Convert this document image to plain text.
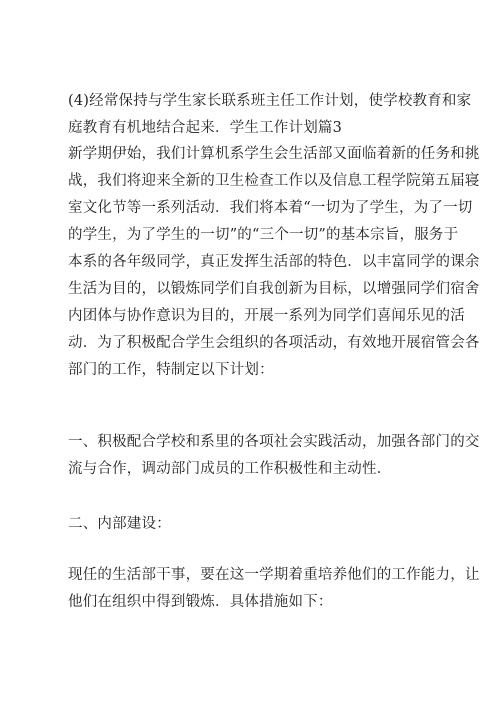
(4)经常保持与学生家长联系班主任工作计划，使学校教育和家
庭教育有机地结合起来．学生工作计划篇3

新学期伊始，我们计算机系学生会生活部又面临着新的任务和挑
战，我们将迎来全新的卫生检查工作以及信息工程学院第五届寝
室文化节等一系列活动．我们将本着“一切为了学生，为了一切
的学生，为了学生的一切”的“三个一切”的基本宗旨，服务于
本系的各年级同学，真正发挥生活部的特色．以丰富同学的课余
生活为目的，以锻炼同学们自我创新为目标，以增强同学们宿舍
内团体与协作意识为目的，开展一系列为同学们喜闻乐见的活
动．为了积极配合学生会组织的各项活动，有效地开展宿管会各
部门的工作，特制定以下计划：

一、积极配合学校和系里的各项社会实践活动，加强各部门的交
流与合作，调动部门成员的工作积极性和主动性．

二、内部建设：

现任的生活部干事，要在这一学期着重培养他们的工作能力，让
他们在组织中得到锻炼．具体措施如下：
